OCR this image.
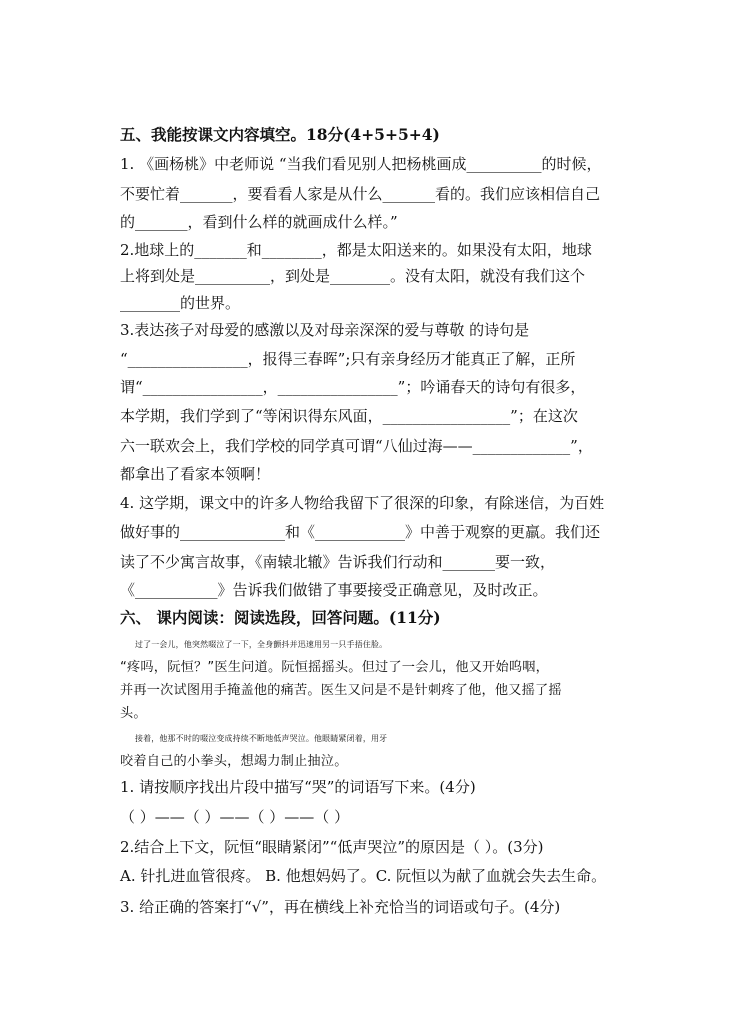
五、我能按课文内容填空。18分(4+5+5+4)

1. 《画杨桃》中老师说 “当我们看见别人把杨桃画成__________的时候，

不要忙着_______，要看看人家是从什么_______看的。我们应该相信自己

的_______，看到什么样的就画成什么样。”

2.地球上的_______和________，都是太阳送来的。如果没有太阳，地球

上将到处是__________，到处是________。没有太阳，就没有我们这个

________的世界。

3.表达孩子对母爱的感激以及对母亲深深的爱与尊敬 的诗句是

“________________，报得三春晖”;只有亲身经历才能真正了解，正所

谓“________________，________________”；吟诵春天的诗句有很多，

本学期，我们学到了“等闲识得东风面，_________________”；在这次

六一联欢会上，我们学校的同学真可谓“八仙过海——_____________”，

都拿出了看家本领啊！

4. 这学期，课文中的许多人物给我留下了很深的印象，有除迷信，为百姓

做好事的______________和《____________》中善于观察的更羸。我们还

读了不少寓言故事，《南辕北辙》告诉我们行动和_______要一致，

《___________》告诉我们做错了事要接受正确意见，及时改正。

六、 课内阅读：阅读选段，回答问题。(11分)

过了一会儿，他突然啜泣了一下，全身颤抖并迅速用另一只手捂住脸。

“疼吗，阮恒？”医生问道。阮恒摇摇头。但过了一会儿，他又开始呜咽，

并再一次试图用手掩盖他的痛苦。医生又问是不是针刺疼了他，他又摇了摇

头。

接着，他那不时的啜泣变成持续不断地低声哭泣。他眼睛紧闭着，用牙

咬着自己的小拳头，想竭力制止抽泣。

1. 请按顺序找出片段中描写“哭”的词语写下来。(4分)

（ ）——（ ）——（ ）——（ ）

2.结合上下文，阮恒“眼睛紧闭”“低声哭泣”的原因是（ ）。(3分)

A. 针扎进血管很疼。 B. 他想妈妈了。C. 阮恒以为献了血就会失去生命。

3. 给正确的答案打“√”，再在横线上补充恰当的词语或句子。(4分)
